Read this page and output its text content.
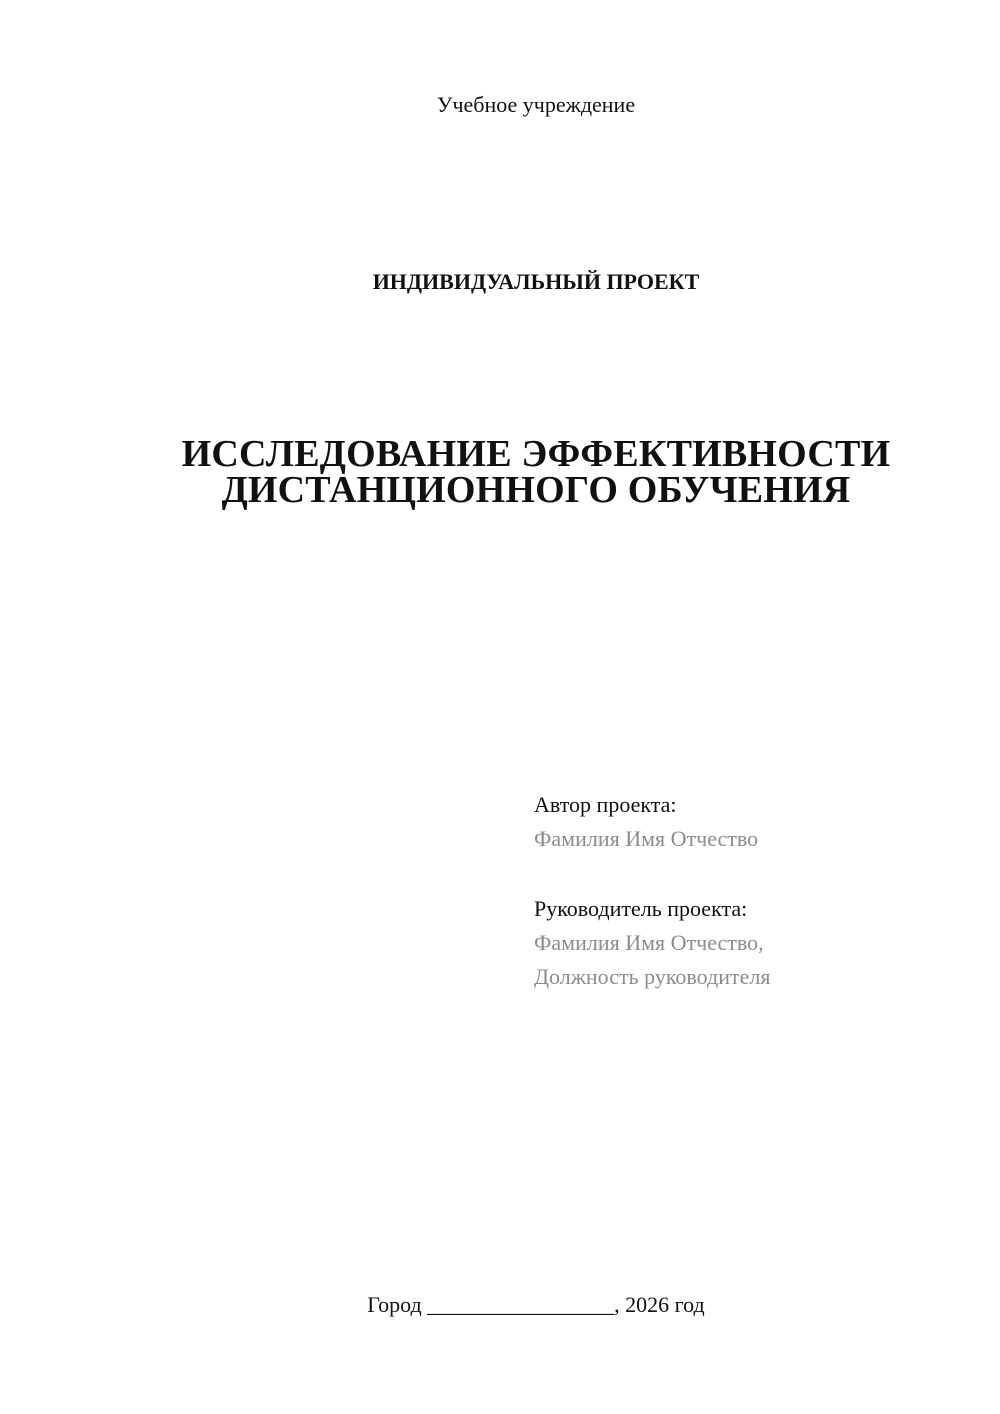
Учебное учреждение
ИНДИВИДУАЛЬНЫЙ ПРОЕКТ
ИССЛЕДОВАНИЕ ЭФФЕКТИВНОСТИ
ДИСТАНЦИОННОГО ОБУЧЕНИЯ
Автор проекта:
Фамилия Имя Отчество
Руководитель проекта:
Фамилия Имя Отчество,
Должность руководителя
Город _________________, 2026 год
